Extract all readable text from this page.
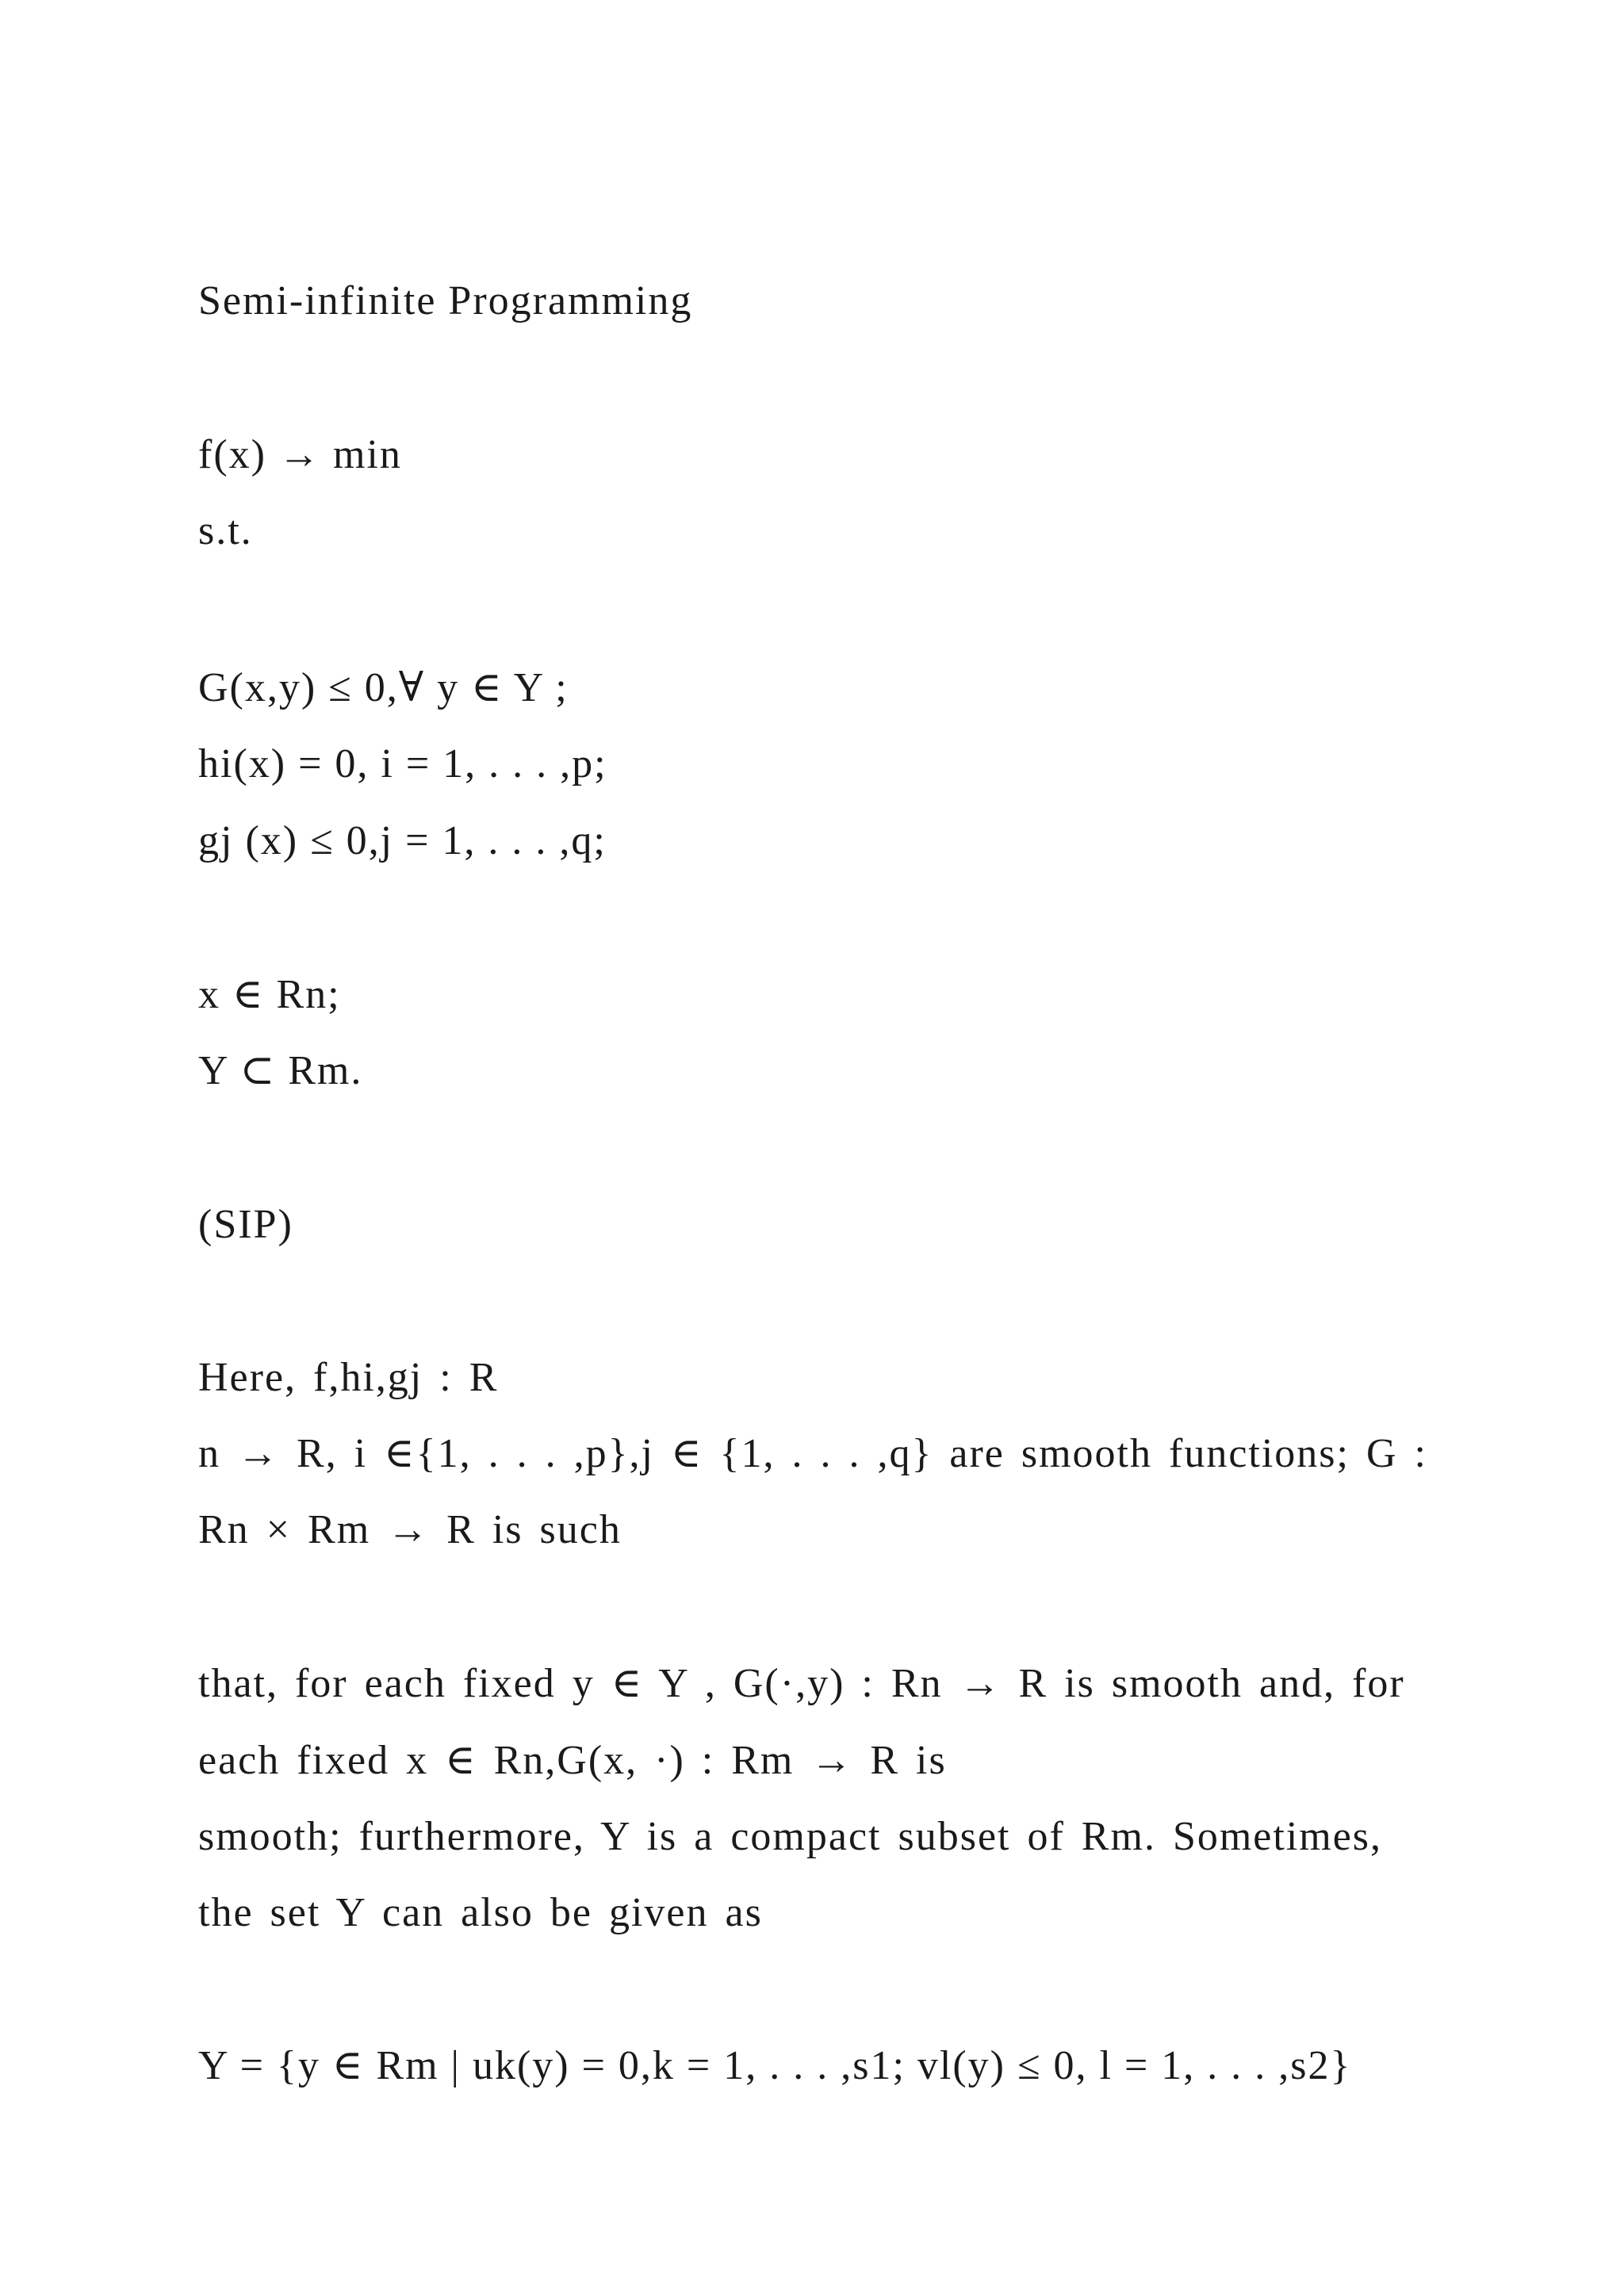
Semi-infinite Programming

f(x) → min

s.t.

G(x,y) ≤ 0,∀ y ∈ Y ;

hi(x) = 0, i = 1, . . . ,p;

gj (x) ≤ 0,j = 1, . . . ,q;

x ∈ Rn;

Y ⊂ Rm.

(SIP)

Here, f,hi,gj : R

n → R, i ∈{1, . . . ,p},j ∈ {1, . . . ,q} are smooth functions; G :

Rn × Rm → R is such

that, for each fixed y ∈ Y , G(·,y) : Rn → R is smooth and, for

each fixed x ∈ Rn,G(x, ·) : Rm → R is

smooth; furthermore, Y is a compact subset of Rm. Sometimes,

the set Y can also be given as

Y = {y ∈ Rm | uk(y) = 0,k = 1, . . . ,s1; vl(y) ≤ 0, l = 1, . . . ,s2}
